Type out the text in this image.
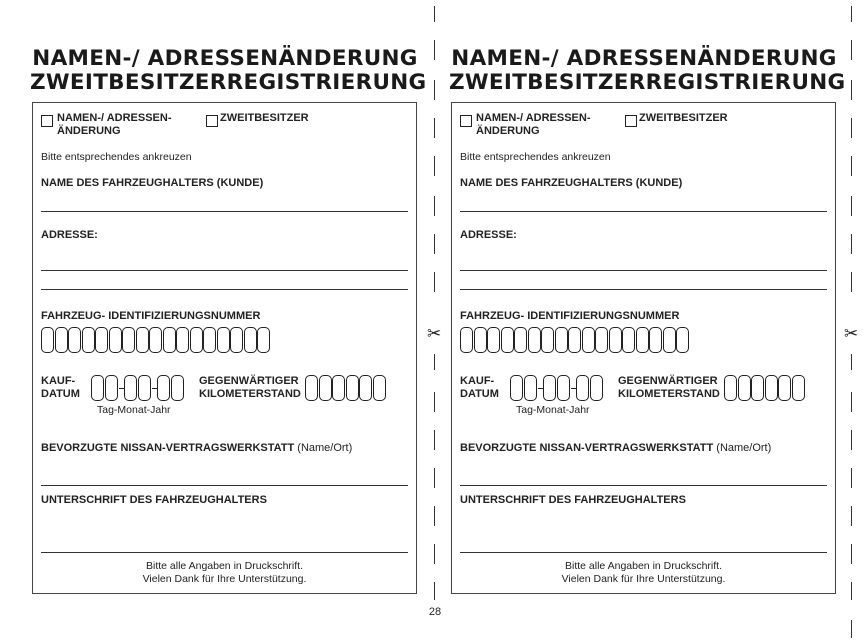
NAMEN-/ ADRESSENÄNDERUNG
ZWEITBESITZERREGISTRIERUNG
NAMEN-/ ADRESSEN-
ÄNDERUNG
ZWEITBESITZER
Bitte entsprechendes ankreuzen
NAME DES FAHRZEUGHALTERS (KUNDE)
ADRESSE:
FAHRZEUG- IDENTIFIZIERUNGSNUMMER
KAUF-
DATUM
Tag-Monat-Jahr
GEGENWÄRTIGER
KILOMETERSTAND
BEVORZUGTE NISSAN-VERTRAGSWERKSTATT (Name/Ort)
UNTERSCHRIFT DES FAHRZEUGHALTERS
Bitte alle Angaben in Druckschrift.
Vielen Dank für Ihre Unterstützung.
NAMEN-/ ADRESSENÄNDERUNG
ZWEITBESITZERREGISTRIERUNG
NAMEN-/ ADRESSEN-
ÄNDERUNG
ZWEITBESITZER
Bitte entsprechendes ankreuzen
NAME DES FAHRZEUGHALTERS (KUNDE)
ADRESSE:
FAHRZEUG- IDENTIFIZIERUNGSNUMMER
KAUF-
DATUM
Tag-Monat-Jahr
GEGENWÄRTIGER
KILOMETERSTAND
BEVORZUGTE NISSAN-VERTRAGSWERKSTATT (Name/Ort)
UNTERSCHRIFT DES FAHRZEUGHALTERS
Bitte alle Angaben in Druckschrift.
Vielen Dank für Ihre Unterstützung.
✂	✂
28
